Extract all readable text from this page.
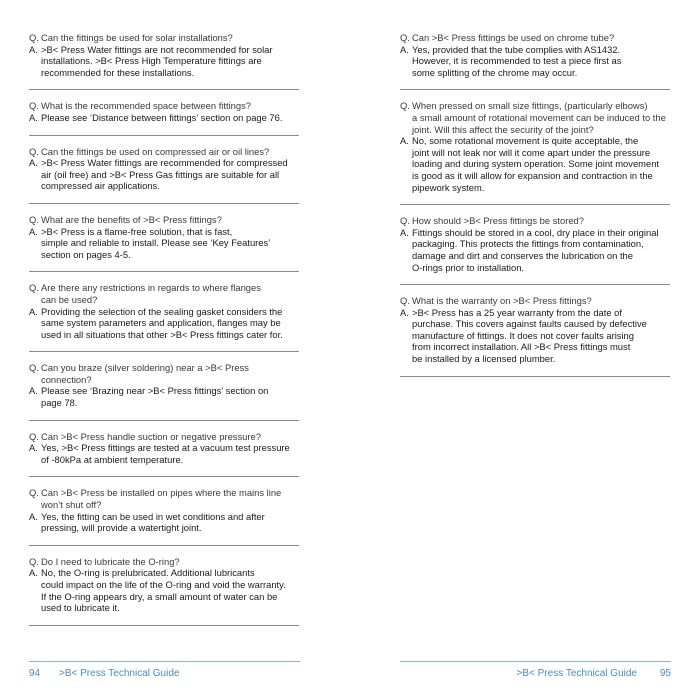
Q. Can the fittings be used for solar installations?
A. >B< Press Water fittings are not recommended for solar
installations. >B< Press High Temperature fittings are
recommended for these installations.
Q. What is the recommended space between fittings?
A. Please see ‘Distance between fittings’ section on page 76.
Q. Can the fittings be used on compressed air or oil lines?
A. >B< Press Water fittings are recommended for compressed
air (oil free) and >B< Press Gas fittings are suitable for all
compressed air applications.
Q. What are the benefits of >B< Press fittings?
A. >B< Press is a flame-free solution, that is fast,
simple and reliable to install. Please see ‘Key Features’
section on pages 4-5.
Q. Are there any restrictions in regards to where flanges
can be used?
A. Providing the selection of the sealing gasket considers the
same system parameters and application, flanges may be
used in all situations that other >B< Press fittings cater for.
Q. Can you braze (silver soldering) near a >B< Press connection?
A. Please see ‘Brazing near >B< Press fittings’ section on
page 78.
Q. Can >B< Press handle suction or negative pressure?
A. Yes, >B< Press fittings are tested at a vacuum test pressure
of -80kPa at ambient temperature.
Q. Can >B< Press be installed on pipes where the mains line
won’t shut off?
A. Yes, the fitting can be used in wet conditions and after
pressing, will provide a watertight joint.
Q. Do I need to lubricate the O-ring?
A. No, the O-ring is prelubricated. Additional lubricants
could impact on the life of the O-ring and void the warranty.
If the O-ring appears dry, a small amount of water can be
used to lubricate it.
Q. Can >B< Press fittings be used on chrome tube?
A. Yes, provided that the tube complies with AS1432.
However, it is recommended to test a piece first as
some splitting of the chrome may occur.
Q. When pressed on small size fittings, (particularly elbows)
a small amount of rotational movement can be induced to the
joint. Will this affect the security of the joint?
A. No, some rotational movement is quite acceptable, the
joint will not leak nor will it come apart under the pressure
loading and during system operation. Some joint movement
is good as it will allow for expansion and contraction in the
pipework system.
Q. How should >B< Press fittings be stored?
A. Fittings should be stored in a cool, dry place in their original
packaging. This protects the fittings from contamination,
damage and dirt and conserves the lubrication on the
O-rings prior to installation.
Q. What is the warranty on >B< Press fittings?
A. >B< Press has a 25 year warranty from the date of
purchase. This covers against faults caused by defective
manufacture of fittings. It does not cover faults arising
from incorrect installation. All >B< Press fittings must
be installed by a licensed plumber.
94	>B< Press Technical Guide	>B< Press Technical Guide	95
